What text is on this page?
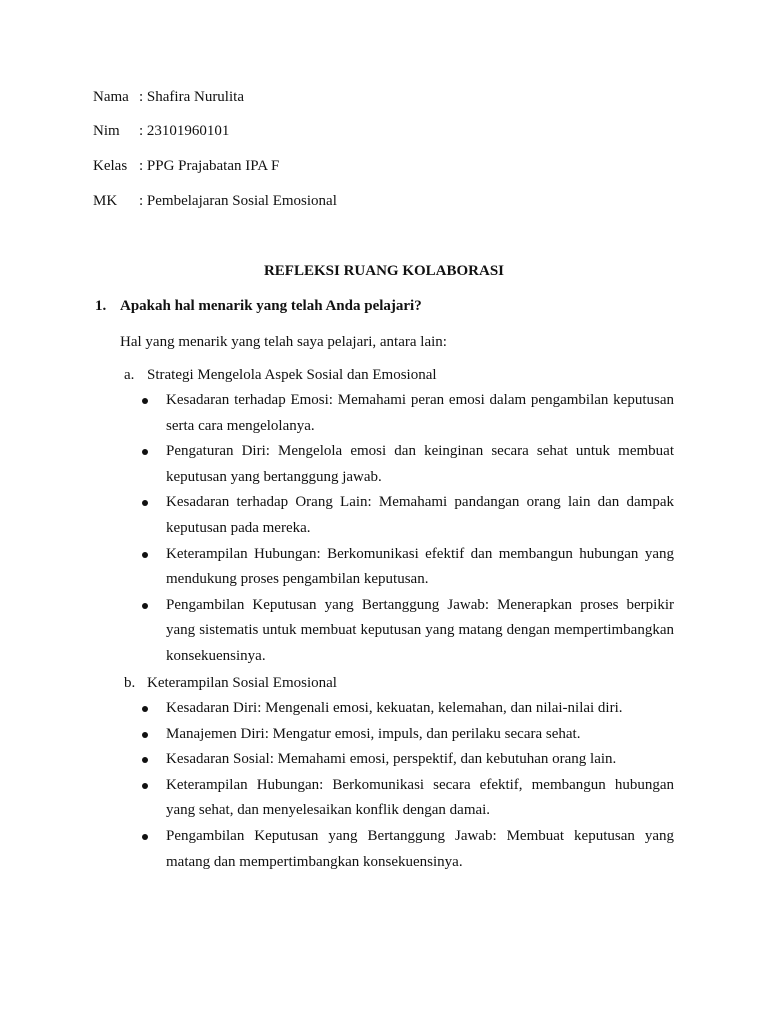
Nama : Shafira Nurulita
Nim : 23101960101
Kelas : PPG Prajabatan IPA F
MK : Pembelajaran Sosial Emosional
REFLEKSI RUANG KOLABORASI
1. Apakah hal menarik yang telah Anda pelajari?
Hal yang menarik yang telah saya pelajari, antara lain:
a. Strategi Mengelola Aspek Sosial dan Emosional
Kesadaran terhadap Emosi: Memahami peran emosi dalam pengambilan keputusan serta cara mengelolanya.
Pengaturan Diri: Mengelola emosi dan keinginan secara sehat untuk membuat keputusan yang bertanggung jawab.
Kesadaran terhadap Orang Lain: Memahami pandangan orang lain dan dampak keputusan pada mereka.
Keterampilan Hubungan: Berkomunikasi efektif dan membangun hubungan yang mendukung proses pengambilan keputusan.
Pengambilan Keputusan yang Bertanggung Jawab: Menerapkan proses berpikir yang sistematis untuk membuat keputusan yang matang dengan mempertimbangkan konsekuensinya.
b. Keterampilan Sosial Emosional
Kesadaran Diri: Mengenali emosi, kekuatan, kelemahan, dan nilai-nilai diri.
Manajemen Diri: Mengatur emosi, impuls, dan perilaku secara sehat.
Kesadaran Sosial: Memahami emosi, perspektif, dan kebutuhan orang lain.
Keterampilan Hubungan: Berkomunikasi secara efektif, membangun hubungan yang sehat, dan menyelesaikan konflik dengan damai.
Pengambilan Keputusan yang Bertanggung Jawab: Membuat keputusan yang matang dan mempertimbangkan konsekuensinya.
